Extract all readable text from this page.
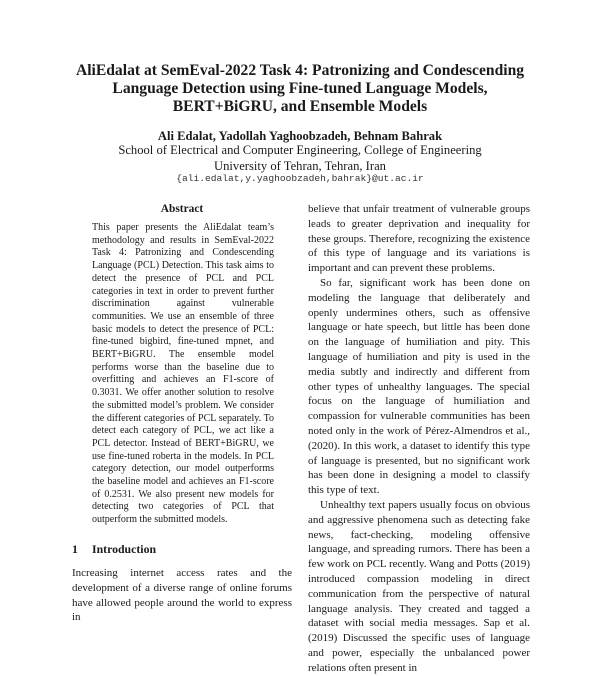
AliEdalat at SemEval-2022 Task 4: Patronizing and Condescending
Language Detection using Fine-tuned Language Models,
BERT+BiGRU, and Ensemble Models
Ali Edalat, Yadollah Yaghoobzadeh, Behnam Bahrak
School of Electrical and Computer Engineering, College of Engineering
University of Tehran, Tehran, Iran
{ali.edalat,y.yaghoobzadeh,bahrak}@ut.ac.ir
Abstract
This paper presents the AliEdalat team’s methodology and results in SemEval-2022 Task 4: Patronizing and Condescending Language (PCL) Detection. This task aims to detect the presence of PCL and PCL categories in text in order to prevent further discrimination against vulnerable communities. We use an ensemble of three basic models to detect the presence of PCL: fine-tuned bigbird, fine-tuned mpnet, and BERT+BiGRU. The ensemble model performs worse than the baseline due to overfitting and achieves an F1-score of 0.3031. We offer another solution to resolve the submitted model’s problem. We consider the different categories of PCL separately. To detect each category of PCL, we act like a PCL detector. Instead of BERT+BiGRU, we use fine-tuned roberta in the models. In PCL category detection, our model outperforms the baseline model and achieves an F1-score of 0.2531. We also present new models for detecting two categories of PCL that outperform the submitted models.
1 Introduction
Increasing internet access rates and the development of a diverse range of online forums have allowed people around the world to express in

believe that unfair treatment of vulnerable groups leads to greater deprivation and inequality for these groups. Therefore, recognizing the existence of this type of language and its variations is important and can prevent these problems.

So far, significant work has been done on modeling the language that deliberately and openly undermines others, such as offensive language or hate speech, but little has been done on the language of humiliation and pity. This language of humiliation and pity is used in the media subtly and indirectly and different from other types of unhealthy languages. The special focus on the language of humiliation and compassion for vulnerable communities has been noted only in the work of Pérez-Almendros et al., (2020). In this work, a dataset to identify this type of language is presented, but no significant work has been done in designing a model to classify this type of text.

Unhealthy text papers usually focus on obvious and aggressive phenomena such as detecting fake news, fact-checking, modeling offensive language, and spreading rumors. There has been a few work on PCL recently. Wang and Potts (2019) introduced compassion modeling in direct communication from the perspective of natural language analysis. They created and tagged a dataset with social media messages. Sap et al. (2019) Discussed the specific uses of language and power, especially the unbalanced power relations often present in
